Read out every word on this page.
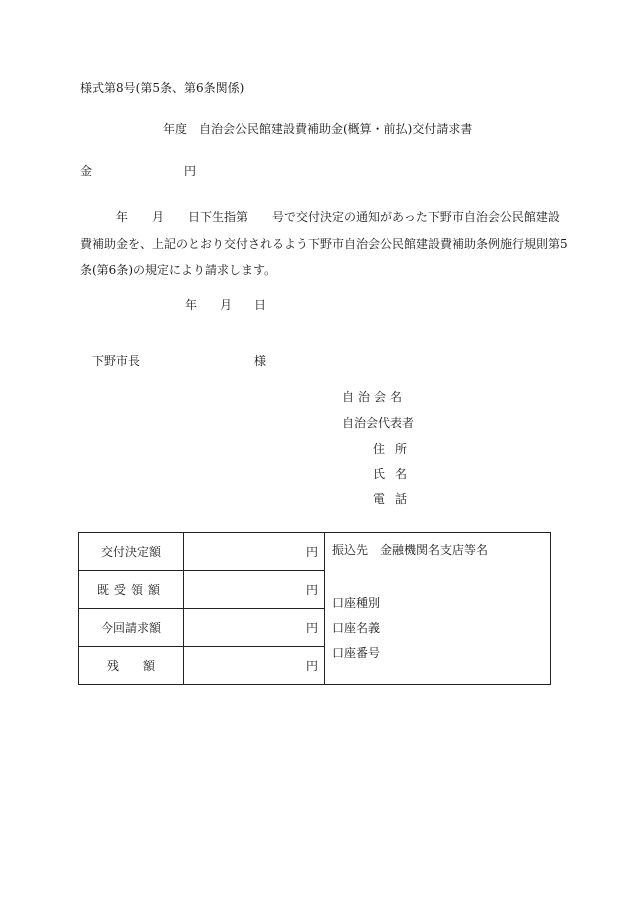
様式第8号(第5条、第6条関係)
年度　自治会公民館建設費補助金(概算・前払)交付請求書
金	円
年　　月　　日下生指第　　号で交付決定の通知があった下野市自治会公民館建設
費補助金を、上記のとおり交付されるよう下野市自治会公民館建設費補助条例施行規則第5
条(第6条)の規定により請求します。
年 月 日
下野市長	様
自治会名
自治会代表者
住所
氏名
電話
交付決定額	円	振込先　金融機関名支店等名
口座種別
口座名義
口座番号

既受領額	円	
今回請求額	円	
残　　額	円	
